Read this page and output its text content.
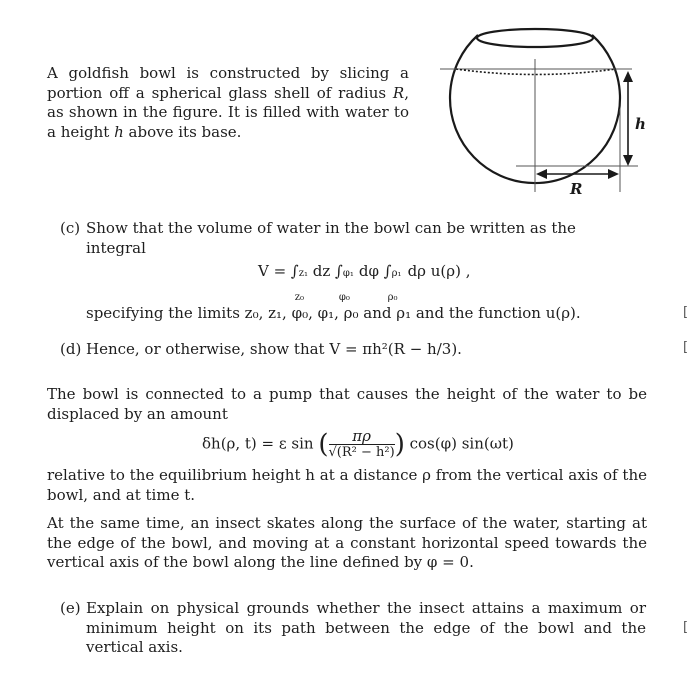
A goldfish bowl is constructed by slicing a portion off a spherical glass shell of radius R, as shown in the figure. It is filled with water to a height h above its base.	h
R
(c) Show that the volume of water in the bowl can be written as the integral
V = ∫ z₁
z₀
dz ∫ φ₁
φ₀
dφ ∫ ρ₁
ρ₀
dρ u(ρ) ,
specifying the limits z₀, z₁, φ₀, φ₁, ρ₀ and ρ₁ and the function u(ρ).
(d) Hence, or otherwise, show that V = πh²(R − h/3).
The bowl is connected to a pump that causes the height of the water to be displaced by an amount
δh(ρ, t) = ε sin ( $\frac{\pi\rho}{\text{√(R² − h²)}}$ ) cos(φ) sin(ωt)
relative to the equilibrium height h at a distance ρ from the vertical axis of the bowl, and at time t.
At the same time, an insect skates along the surface of the water, starting at the edge of the bowl, and moving at a constant horizontal speed towards the vertical axis of the bowl along the line defined by φ = 0.
(e) Explain on physical grounds whether the insect attains a maximum or minimum height on its path between the edge of the bowl and the vertical axis.
[
[
[
